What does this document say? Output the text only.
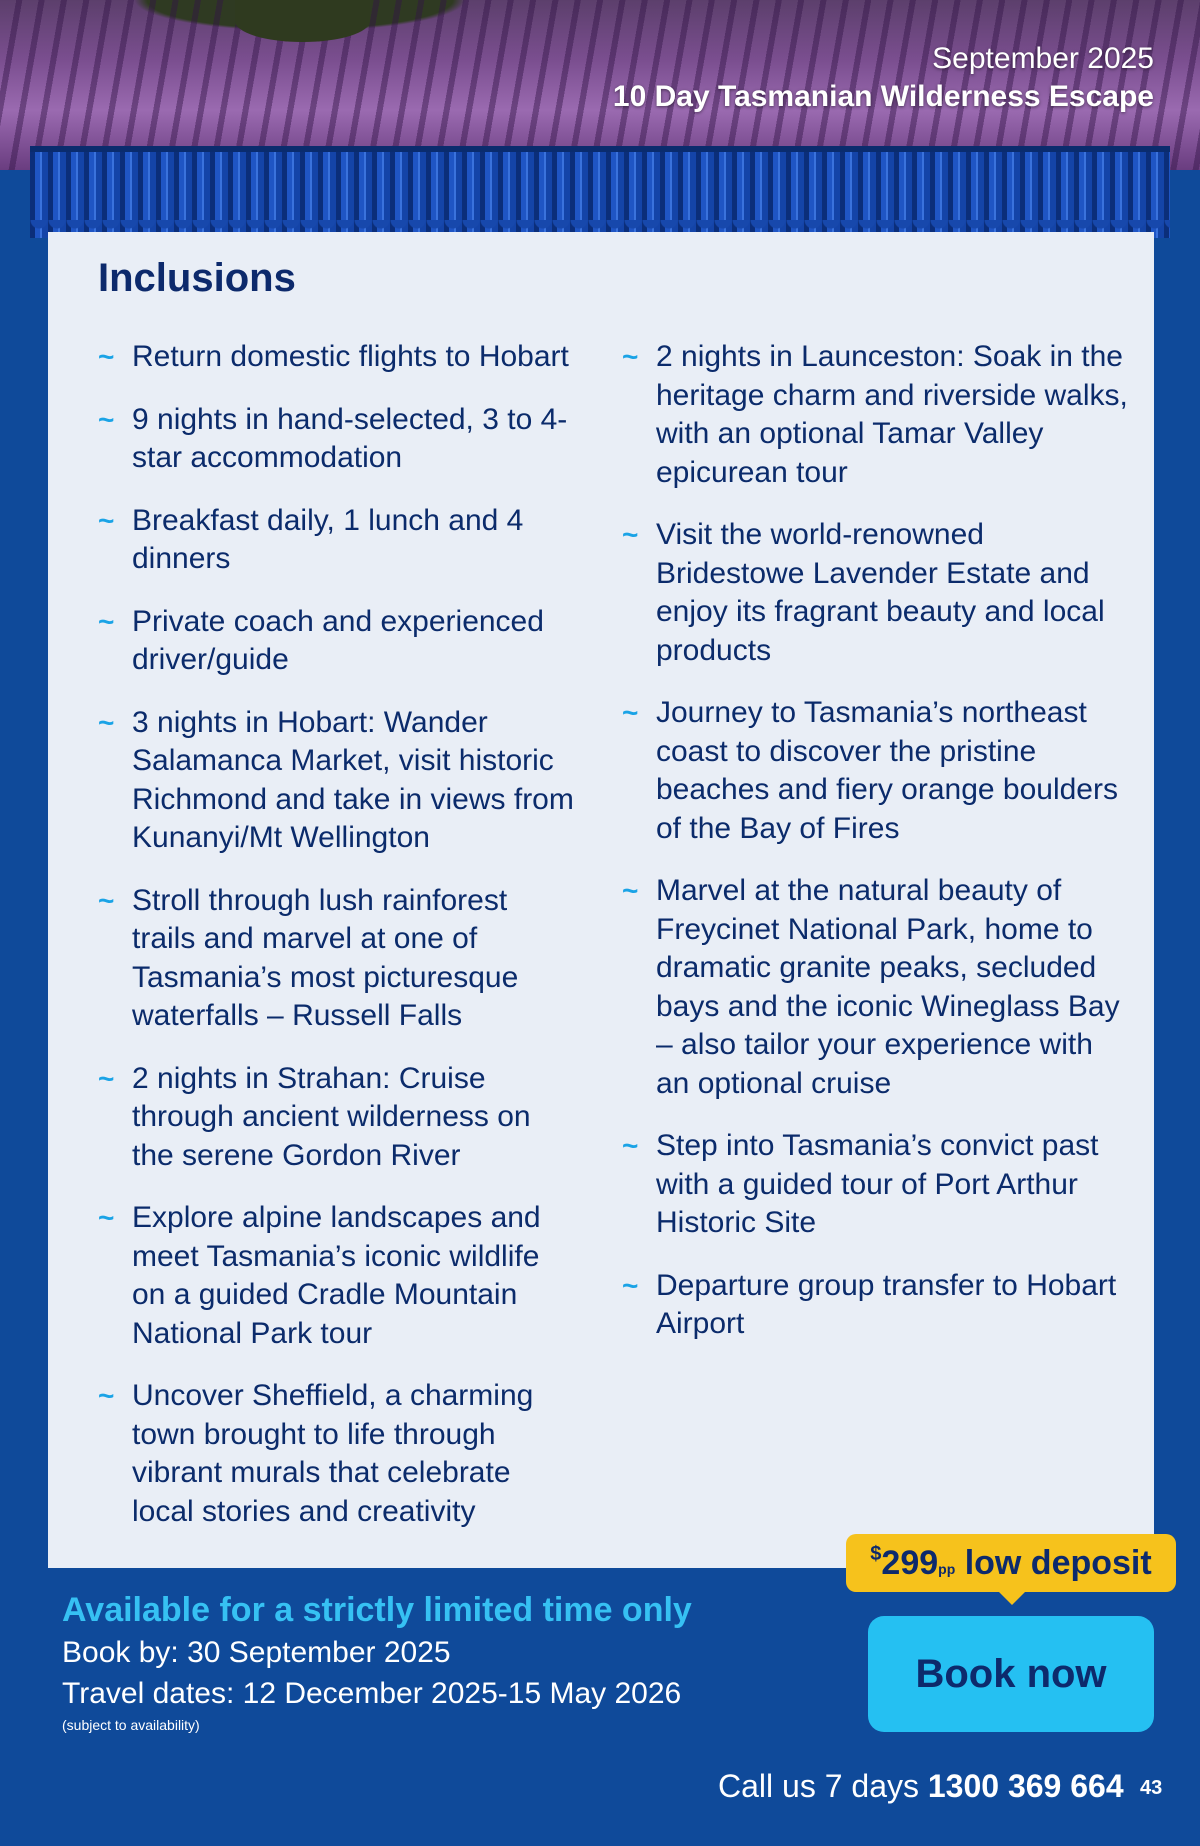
September 2025
10 Day Tasmanian Wilderness Escape
Inclusions
~ Return domestic flights to Hobart
~ 9 nights in hand-selected, 3 to 4-star accommodation
~ Breakfast daily, 1 lunch and 4 dinners
~ Private coach and experienced driver/guide
~ 3 nights in Hobart: Wander Salamanca Market, visit historic Richmond and take in views from Kunanyi/Mt Wellington
~ Stroll through lush rainforest trails and marvel at one of Tasmania’s most picturesque waterfalls – Russell Falls
~ 2 nights in Strahan: Cruise through ancient wilderness on the serene Gordon River
~ Explore alpine landscapes and meet Tasmania’s iconic wildlife on a guided Cradle Mountain National Park tour
~ Uncover Sheffield, a charming town brought to life through vibrant murals that celebrate local stories and creativity
~ 2 nights in Launceston: Soak in the heritage charm and riverside walks, with an optional Tamar Valley epicurean tour
~ Visit the world-renowned Bridestowe Lavender Estate and enjoy its fragrant beauty and local products
~ Journey to Tasmania’s northeast coast to discover the pristine beaches and fiery orange boulders of the Bay of Fires
~ Marvel at the natural beauty of Freycinet National Park, home to dramatic granite peaks, secluded bays and the iconic Wineglass Bay – also tailor your experience with an optional cruise
~ Step into Tasmania’s convict past with a guided tour of Port Arthur Historic Site
~ Departure group transfer to Hobart Airport
Available for a strictly limited time only
Book by: 30 September 2025
Travel dates: 12 December 2025-15 May 2026
(subject to availability)
$299pp low deposit
Book now
Call us 7 days 1300 369 664 43
